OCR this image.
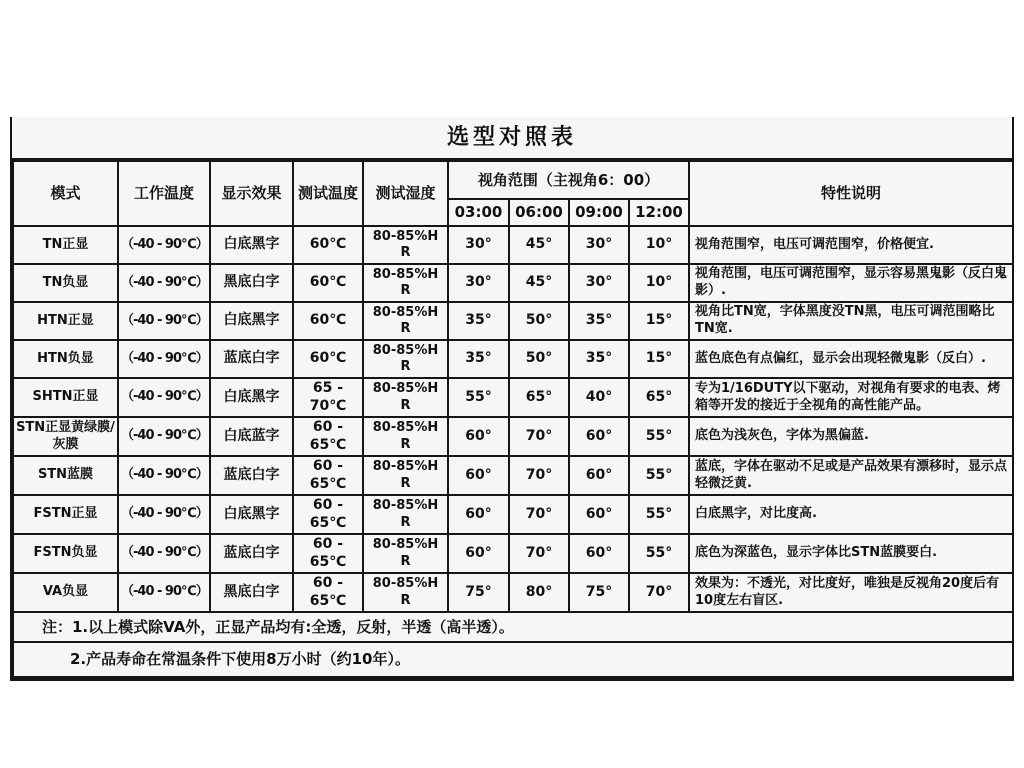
选型对照表
模式	工作温度	显示效果	测试温度	测试湿度	视角范围（主视角6：00）				特性说明
					03:00	06:00	09:00	12:00	
TN正显	（-40 - 90℃）	白底黑字	60℃	80-85%H R	30°	45°	30°	10°	视角范围窄，电压可调范围窄，价格便宜.
TN负显	（-40 - 90℃）	黑底白字	60℃	80-85%H R	30°	45°	30°	10°	视角范围，电压可调范围窄，显示容易黑鬼影（反白鬼影）.
HTN正显	（-40 - 90℃）	白底黑字	60℃	80-85%H R	35°	50°	35°	15°	视角比TN宽，字体黑度没TN黑，电压可调范围略比TN宽.
HTN负显	（-40 - 90℃）	蓝底白字	60℃	80-85%H R	35°	50°	35°	15°	蓝色底色有点偏红，显示会出现轻微鬼影（反白）.
SHTN正显	（-40 - 90℃）	白底黑字	65 - 70℃	80-85%H R	55°	65°	40°	65°	专为1/16DUTY以下驱动，对视角有要求的电表、烤箱等开发的接近于全视角的高性能产品。
STN正显黄绿膜/灰膜	（-40 - 90℃）	白底蓝字	60 - 65℃	80-85%H R	60°	70°	60°	55°	底色为浅灰色，字体为黑偏蓝.
STN蓝膜	（-40 - 90℃）	蓝底白字	60 - 65℃	80-85%H R	60°	70°	60°	55°	蓝底，字体在驱动不足或是产品效果有漂移时，显示点轻微泛黄.
FSTN正显	（-40 - 90℃）	白底黑字	60 - 65℃	80-85%H R	60°	70°	60°	55°	白底黑字，对比度高.
FSTN负显	（-40 - 90℃）	蓝底白字	60 - 65℃	80-85%H R	60°	70°	60°	55°	底色为深蓝色，显示字体比STN蓝膜要白.
VA负显	（-40 - 90℃）	黑底白字	60 - 65℃	80-85%H R	75°	80°	75°	70°	效果为：不透光，对比度好，唯独是反视角20度后有10度左右盲区.
注：1.以上模式除VA外，正显产品均有:全透，反射，半透（高半透）。									
2.产品寿命在常温条件下使用8万小时（约10年）。									
